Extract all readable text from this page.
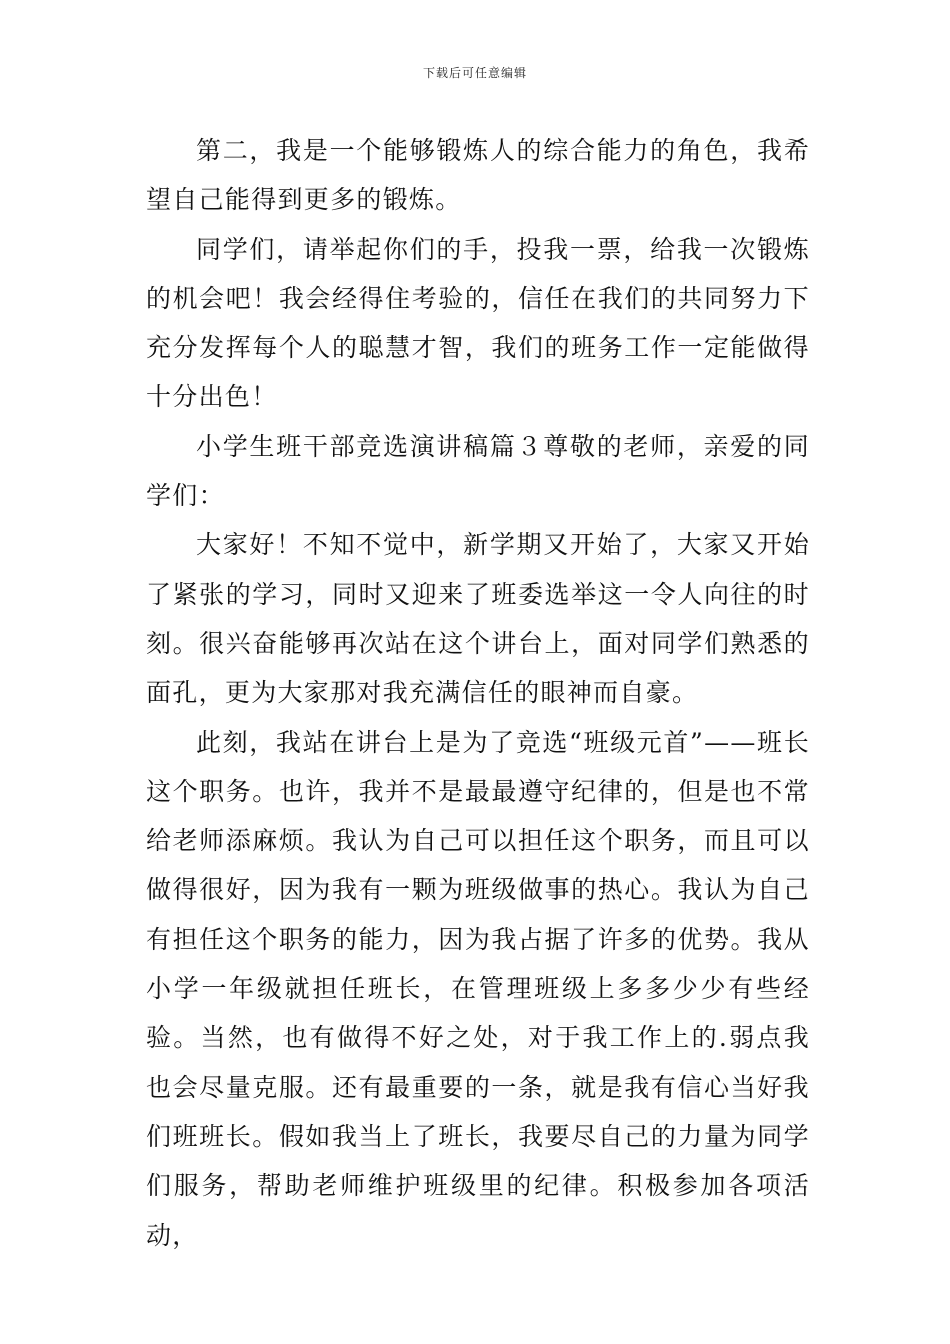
下载后可任意编辑

第二，我是一个能够锻炼人的综合能力的角色，我希望自己能得到更多的锻炼。

同学们，请举起你们的手，投我一票，给我一次锻炼的机会吧！我会经得住考验的，信任在我们的共同努力下充分发挥每个人的聪慧才智，我们的班务工作一定能做得十分出色！

小学生班干部竞选演讲稿篇３尊敬的老师，亲爱的同学们：

大家好！不知不觉中，新学期又开始了，大家又开始了紧张的学习，同时又迎来了班委选举这一令人向往的时刻。很兴奋能够再次站在这个讲台上，面对同学们熟悉的面孔，更为大家那对我充满信任的眼神而自豪。

此刻，我站在讲台上是为了竞选“班级元首”——班长这个职务。也许，我并不是最最遵守纪律的，但是也不常给老师添麻烦。我认为自己可以担任这个职务，而且可以做得很好，因为我有一颗为班级做事的热心。我认为自己有担任这个职务的能力，因为我占据了许多的优势。我从小学一年级就担任班长，在管理班级上多多少少有些经验。当然，也有做得不好之处，对于我工作上的.弱点我也会尽量克服。还有最重要的一条，就是我有信心当好我们班班长。假如我当上了班长，我要尽自己的力量为同学们服务，帮助老师维护班级里的纪律。积极参加各项活动，
